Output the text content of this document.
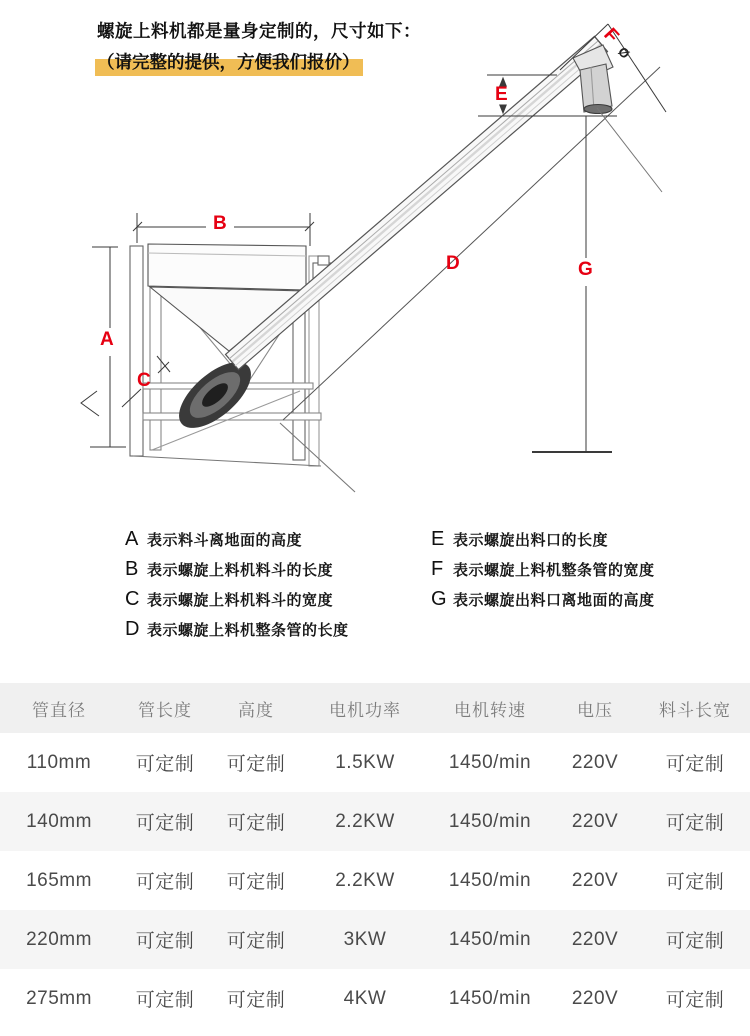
A
B
C
D
E
F
Ø
G
螺旋上料机都是量身定制的，尺寸如下：
（请完整的提供，方便我们报价）
A 表示料斗离地面的高度
B 表示螺旋上料机料斗的长度
C 表示螺旋上料机料斗的宽度
D 表示螺旋上料机整条管的长度
E 表示螺旋出料口的长度
F 表示螺旋上料机整条管的宽度
G 表示螺旋出料口离地面的高度
管直径	管长度	高度	电机功率	电机转速	电压	料斗长宽
110mm	可定制	可定制	1.5KW	1450/min	220V	可定制
140mm	可定制	可定制	2.2KW	1450/min	220V	可定制
165mm	可定制	可定制	2.2KW	1450/min	220V	可定制
220mm	可定制	可定制	3KW	1450/min	220V	可定制
275mm	可定制	可定制	4KW	1450/min	220V	可定制
